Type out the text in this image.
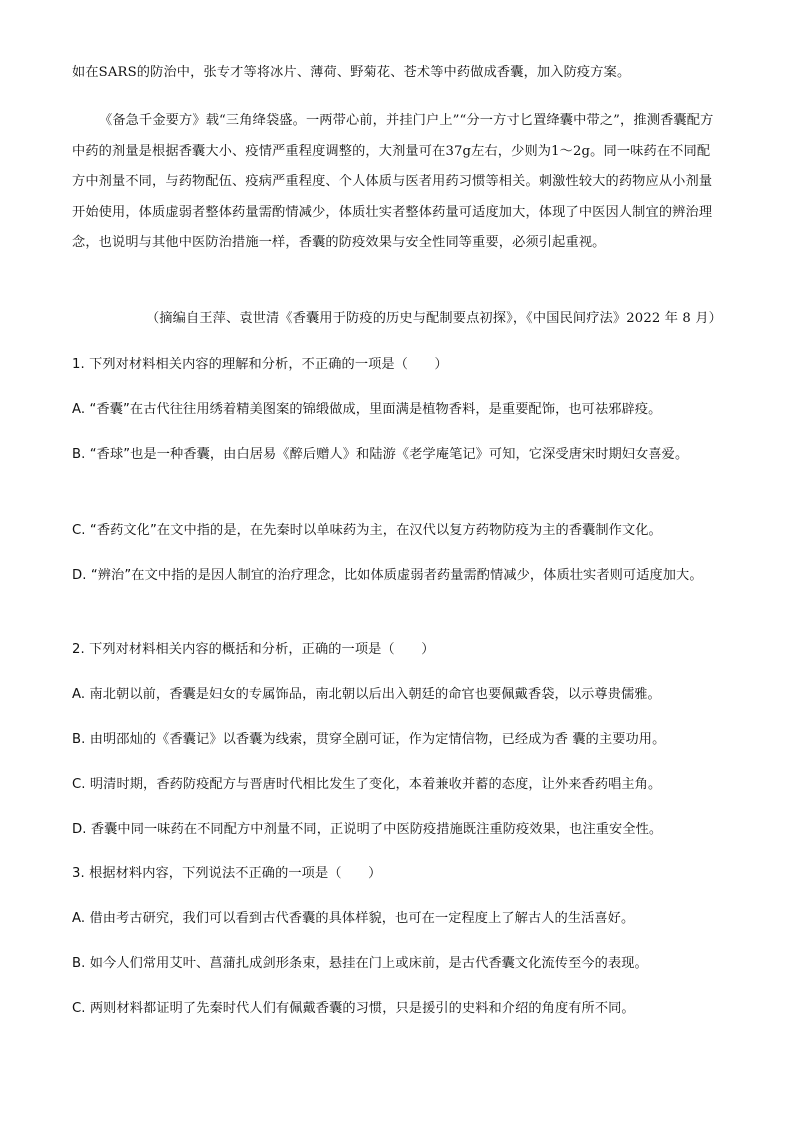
如在SARS的防治中，张专才等将冰片、薄荷、野菊花、苍术等中药做成香囊，加入防疫方案。

《备急千金要方》载“三角绛袋盛。一两带心前，并挂门户上”“分一方寸匕置绛囊中带之”，推测香囊配方中药的剂量是根据香囊大小、疫情严重程度调整的，大剂量可在37g左右，少则为1～2g。同一味药在不同配方中剂量不同，与药物配伍、疫病严重程度、个人体质与医者用药习惯等相关。刺激性较大的药物应从小剂量开始使用，体质虚弱者整体药量需酌情减少，体质壮实者整体药量可适度加大，体现了中医因人制宜的辨治理念，也说明与其他中医防治措施一样，香囊的防疫效果与安全性同等重要，必须引起重视。

（摘编自王萍、袁世清《香囊用于防疫的历史与配制要点初探》，《中国民间疗法》2022 年 8 月）

1. 下列对材料相关内容的理解和分析，不正确的一项是（　　）

A. “香囊”在古代往往用绣着精美图案的锦缎做成，里面满是植物香料，是重要配饰，也可祛邪辟疫。

B. “香球”也是一种香囊，由白居易《醉后赠人》和陆游《老学庵笔记》可知，它深受唐宋时期妇女喜爱。

C. “香药文化”在文中指的是，在先秦时以单味药为主，在汉代以复方药物防疫为主的香囊制作文化。

D. “辨治”在文中指的是因人制宜的治疗理念，比如体质虚弱者药量需酌情减少，体质壮实者则可适度加大。

2. 下列对材料相关内容的概括和分析，正确的一项是（　　）

A. 南北朝以前，香囊是妇女的专属饰品，南北朝以后出入朝廷的命官也要佩戴香袋，以示尊贵儒雅。

B. 由明邵灿的《香囊记》以香囊为线索，贯穿全剧可证，作为定情信物，已经成为香 囊的主要功用。

C. 明清时期，香药防疫配方与晋唐时代相比发生了变化，本着兼收并蓄的态度，让外来香药唱主角。

D. 香囊中同一味药在不同配方中剂量不同，正说明了中医防疫措施既注重防疫效果，也注重安全性。

3. 根据材料内容，下列说法不正确的一项是（　　）

A. 借由考古研究，我们可以看到古代香囊的具体样貌，也可在一定程度上了解古人的生活喜好。

B. 如今人们常用艾叶、菖蒲扎成剑形条束，悬挂在门上或床前，是古代香囊文化流传至今的表现。

C. 两则材料都证明了先秦时代人们有佩戴香囊的习惯，只是援引的史料和介绍的角度有所不同。
